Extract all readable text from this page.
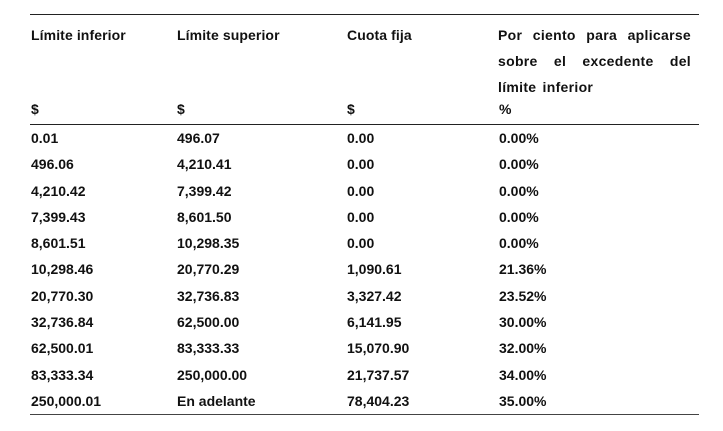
Límite inferior	Límite superior	Cuota fija	Por ciento para aplicarse sobre el excedente del límite inferior
$	$	$	%
0.01	496.07	0.00	0.00%
496.06	4,210.41	0.00	0.00%
4,210.42	7,399.42	0.00	0.00%
7,399.43	8,601.50	0.00	0.00%
8,601.51	10,298.35	0.00	0.00%
10,298.46	20,770.29	1,090.61	21.36%
20,770.30	32,736.83	3,327.42	23.52%
32,736.84	62,500.00	6,141.95	30.00%
62,500.01	83,333.33	15,070.90	32.00%
83,333.34	250,000.00	21,737.57	34.00%
250,000.01	En adelante	78,404.23	35.00%
